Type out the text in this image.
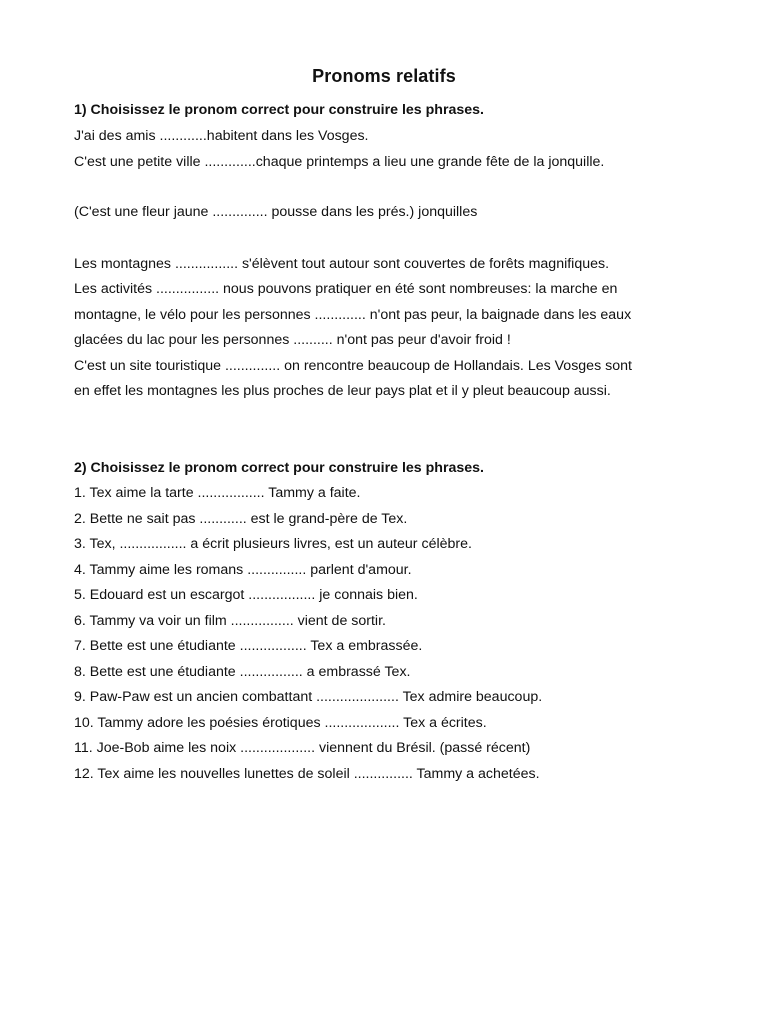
Pronoms relatifs
1) Choisissez le pronom correct pour construire les phrases.
J'ai des amis ............habitent dans les Vosges.
C'est une petite ville .............chaque printemps a lieu une grande fête de la jonquille.
(C'est une fleur jaune .............. pousse dans les prés.) jonquilles
Les montagnes ................ s'élèvent tout autour sont couvertes de forêts magnifiques.
Les activités ................ nous pouvons pratiquer en été sont nombreuses: la marche en
montagne, le vélo pour les personnes ............. n'ont pas peur, la baignade dans les eaux
glacées du lac pour les personnes .......... n'ont pas peur d'avoir froid !
C'est un site touristique .............. on rencontre beaucoup de Hollandais. Les Vosges sont
en effet les montagnes les plus proches de leur pays plat et il y pleut beaucoup aussi.
2) Choisissez le pronom correct pour construire les phrases.
1. Tex aime la tarte ................. Tammy a faite.
2. Bette ne sait pas ............ est le grand-père de Tex.
3. Tex, ................. a écrit plusieurs livres, est un auteur célèbre.
4. Tammy aime les romans ............... parlent d'amour.
5. Edouard est un escargot ................. je connais bien.
6. Tammy va voir un film ................ vient de sortir.
7. Bette est une étudiante ................. Tex a embrassée.
8. Bette est une étudiante ................ a embrassé Tex.
9. Paw-Paw est un ancien combattant ..................... Tex admire beaucoup.
10. Tammy adore les poésies érotiques ................... Tex a écrites.
11. Joe-Bob aime les noix ................... viennent du Brésil. (passé récent)
12. Tex aime les nouvelles lunettes de soleil ............... Tammy a achetées.
